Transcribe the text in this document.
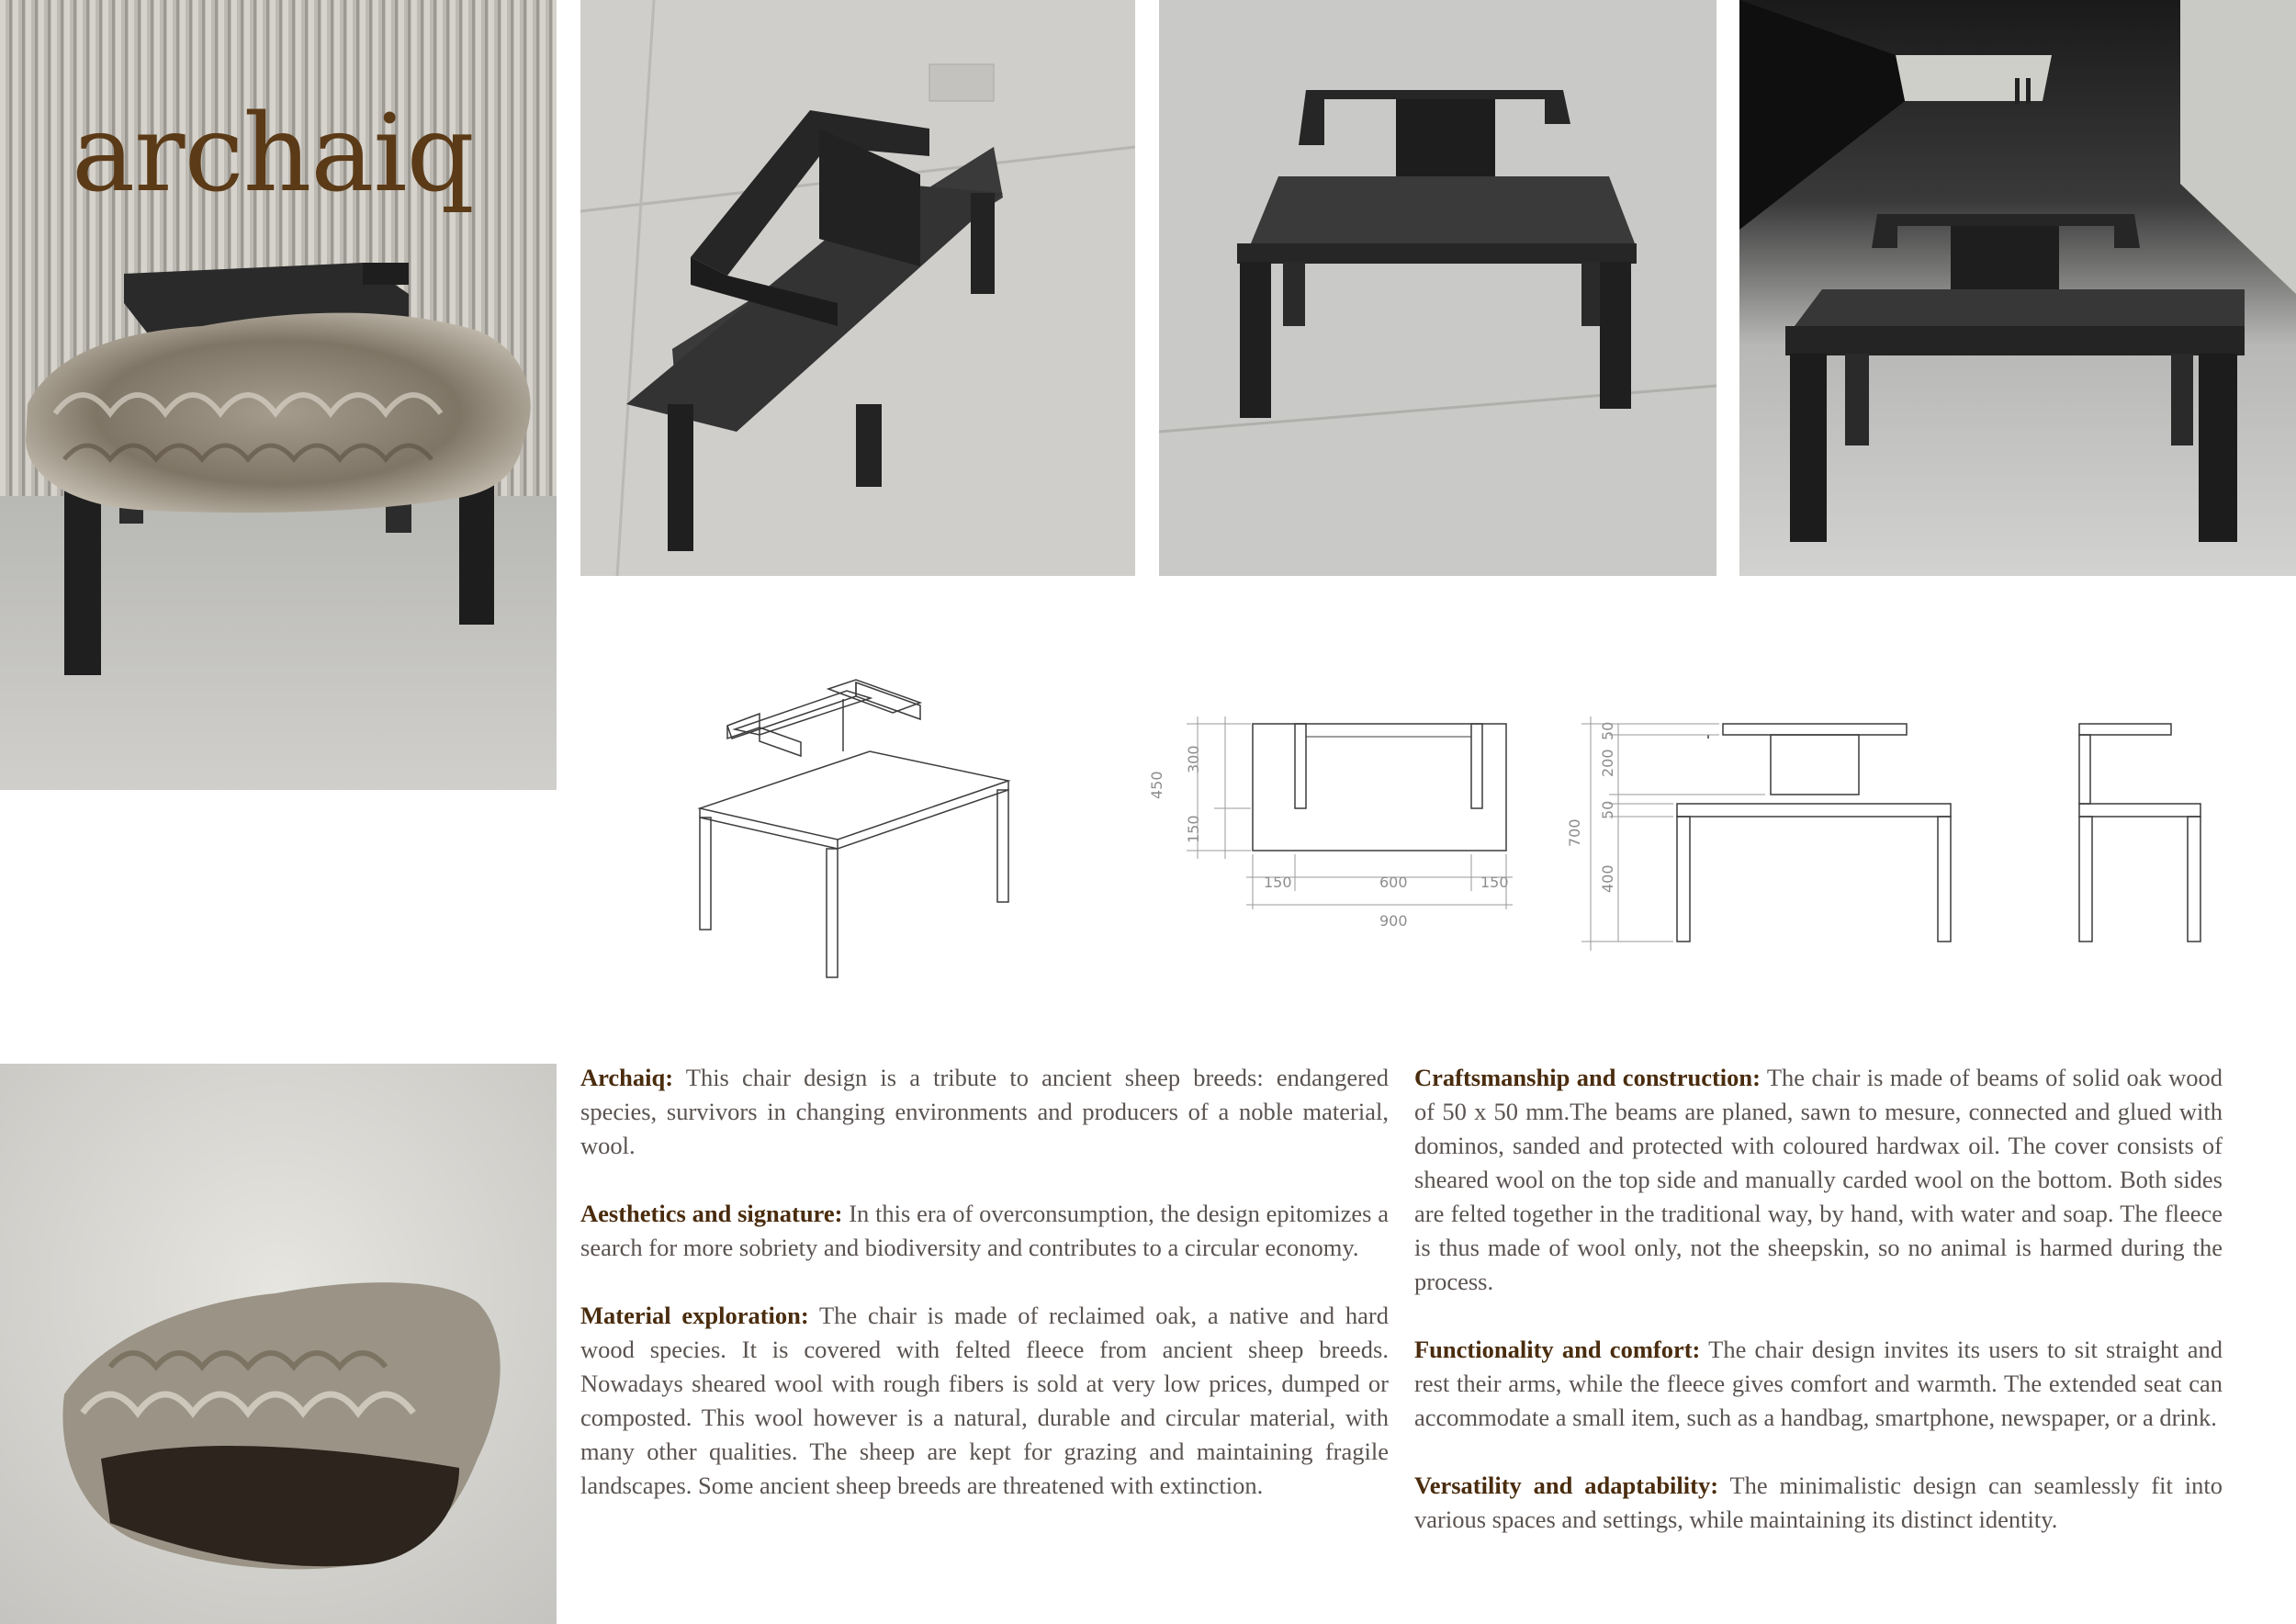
archaiq
450
300
150
150	600	150
900
700
50
200
50
400

Archaiq: This chair design is a tribute to ancient sheep breeds: endangered species, survivors in changing environments and producers of a noble material, wool.

Aesthetics and signature: In this era of overconsumption, the design epitomizes a search for more sobriety and biodiversity and contributes to a circular economy.

Material exploration: The chair is made of reclaimed oak, a native and hard wood species. It is covered with felted fleece from ancient sheep breeds. Nowadays sheared wool with rough fibers is sold at very low prices, dumped or composted. This wool however is a natural, durable and circular material, with many other qualities. The sheep are kept for grazing and maintaining fragile landscapes. Some ancient sheep breeds are threatened with extinction.

Craftsmanship and construction: The chair is made of beams of solid oak wood of 50 x 50 mm.The beams are planed, sawn to mesure, connected and glued with dominos, sanded and protected with coloured hardwax oil. The cover consists of sheared wool on the top side and manually carded wool on the bottom. Both sides are felted together in the traditional way, by hand, with water and soap. The fleece is thus made of wool only, not the sheepskin, so no animal is harmed during the process.

Functionality and comfort: The chair design invites its users to sit straight and rest their arms, while the fleece gives comfort and warmth. The extended seat can accommodate a small item, such as a handbag, smartphone, newspaper, or a drink.

Versatility and adaptability: The minimalistic design can seamlessly fit into various spaces and settings, while maintaining its distinct identity.
